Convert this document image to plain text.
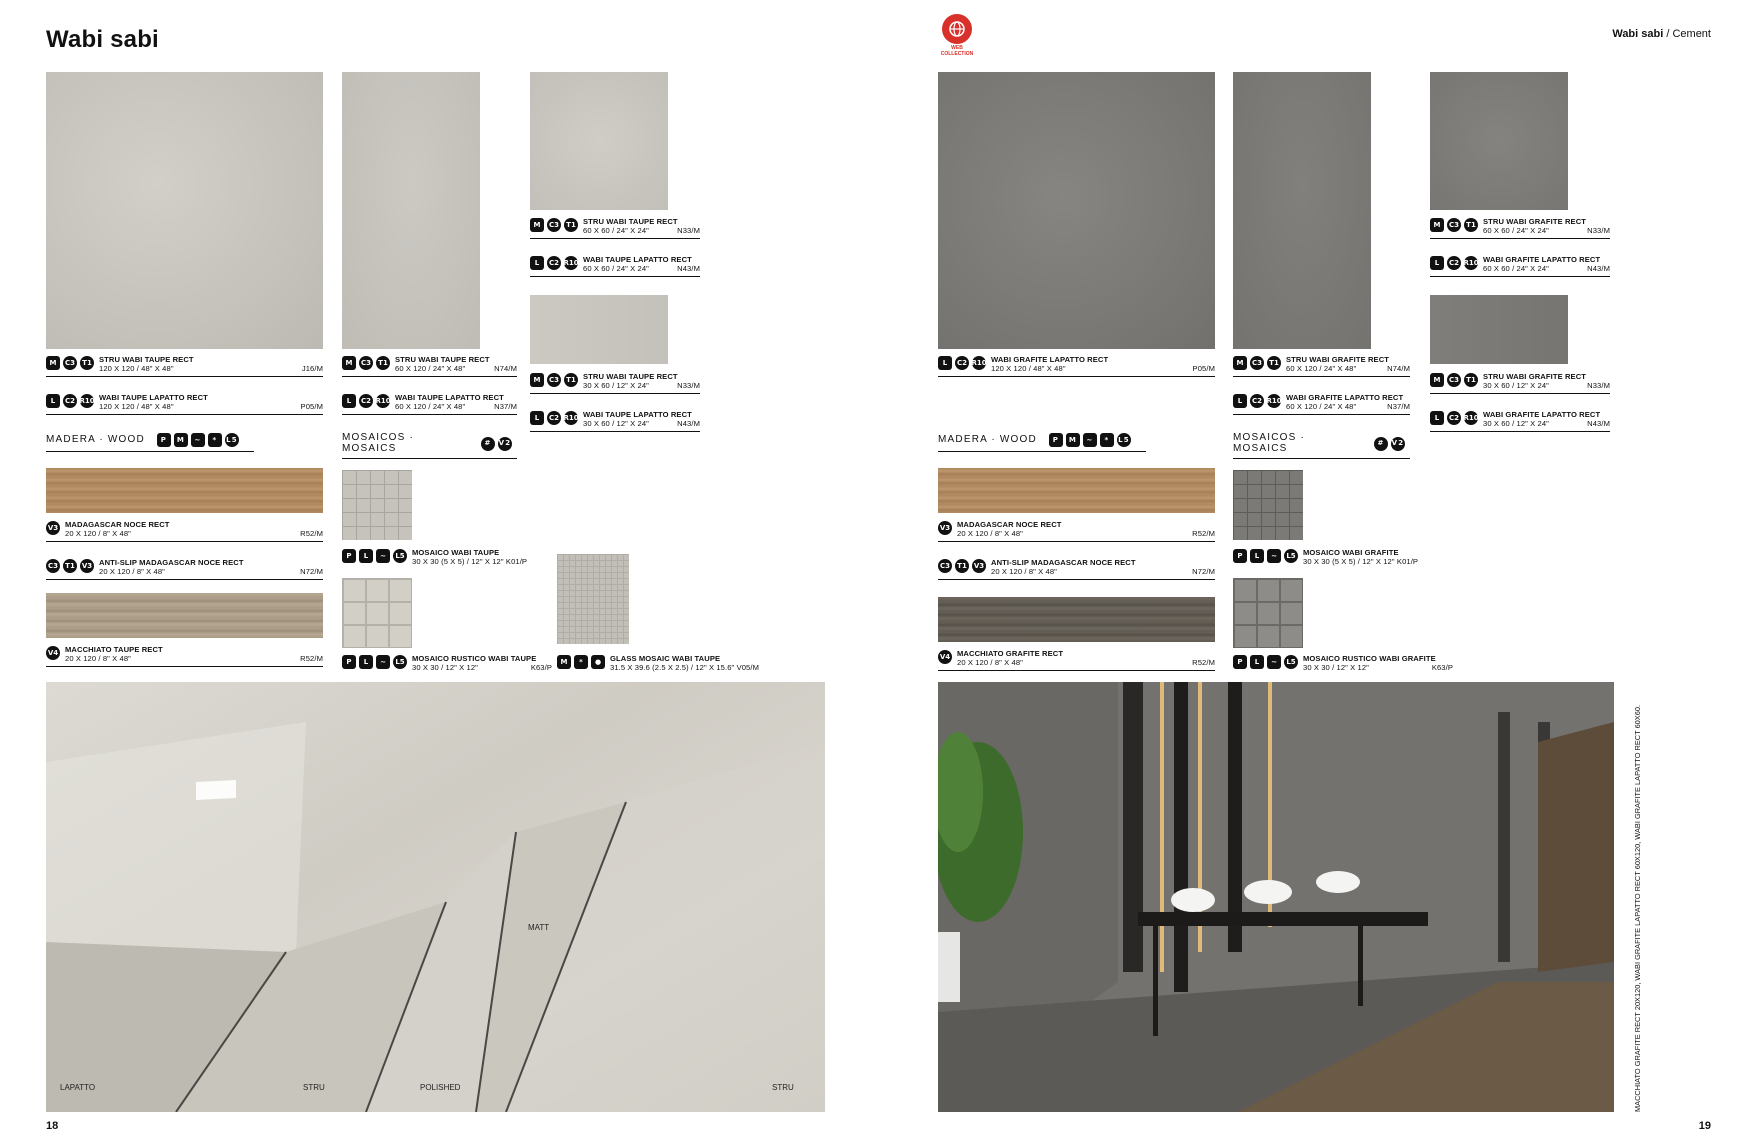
Wabi sabi
M	C3	T1 STRU WABI TAUPE RECT
120 X 120 / 48" X 48"	J16/M
L	C2 R10 WABI TAUPE LAPATTO RECT
120 X 120 / 48" X 48"	P05/M
M	C3	T1 STRU WABI TAUPE RECT
60 X 120 / 24" X 48"	N74/M
L	C2 R10 WABI TAUPE LAPATTO RECT
60 X 120 / 24" X 48"	N37/M
M	C3	T1 STRU WABI TAUPE RECT
60 X 60 / 24" X 24"	N33/M
L	C2 R10 WABI TAUPE LAPATTO RECT
60 X 60 / 24" X 24"	N43/M
M	C3	T1 STRU WABI TAUPE RECT
30 X 60 / 12" X 24"	N33/M
L	C2 R10 WABI TAUPE LAPATTO RECT
30 X 60 / 12" X 24"	N43/M
MADERA · WOOD	P	M	~	*	L5	MOSAICOS · MOSAICS	#	V2
V3 MADAGASCAR NOCE RECT
20 X 120 / 8" X 48"	R52/M
C3	T1	V3 ANTI-SLIP MADAGASCAR NOCE RECT
20 X 120 / 8" X 48"	N72/M
V4 MACCHIATO TAUPE RECT
20 X 120 / 8" X 48"	R52/M
P	L	~	L5 MOSAICO WABI TAUPE
30 X 30 (5 X 5) / 12" X 12" K01/P
P	L	~	L5 MOSAICO RUSTICO WABI TAUPE
30 X 30 / 12" X 12"	K63/P
M	*	●	GLASS MOSAIC WABI TAUPE
31.5 X 39.6 (2.5 X 2.5) / 12" X 15.6" V05/M
LAPATTO	STRU	POLISHED
MATT
STRU
18
WEB
COLLECTION
Wabi sabi / Cement
L	C2 R10 WABI GRAFITE LAPATTO RECT
120 X 120 / 48" X 48"	P05/M
M	C3	T1 STRU WABI GRAFITE RECT
60 X 120 / 24" X 48"	N74/M
L	C2 R10 WABI GRAFITE LAPATTO RECT
60 X 120 / 24" X 48"	N37/M
M	C3	T1 STRU WABI GRAFITE RECT
60 X 60 / 24" X 24"	N33/M
L	C2 R10 WABI GRAFITE LAPATTO RECT
60 X 60 / 24" X 24"	N43/M
M	C3	T1 STRU WABI GRAFITE RECT
30 X 60 / 12" X 24"	N33/M
L	C2 R10 WABI GRAFITE LAPATTO RECT
30 X 60 / 12" X 24"	N43/M
MADERA · WOOD	P	M	~	*	L5	MOSAICOS · MOSAICS	#	V2
V3 MADAGASCAR NOCE RECT
20 X 120 / 8" X 48"	R52/M
C3	T1	V3 ANTI-SLIP MADAGASCAR NOCE RECT
20 X 120 / 8" X 48"	N72/M
V4 MACCHIATO GRAFITE RECT
20 X 120 / 8" X 48"	R52/M
P	L	~	L5 MOSAICO WABI GRAFITE
30 X 30 (5 X 5) / 12" X 12" K01/P
P	L	~	L5 MOSAICO RUSTICO WABI GRAFITE
30 X 30 / 12" X 12"	K63/P
MACCHIATO GRAFITE RECT 20X120, WABI GRAFITE LAPATTO RECT 60X120, WABI GRAFITE LAPATTO RECT 60X60.
19
